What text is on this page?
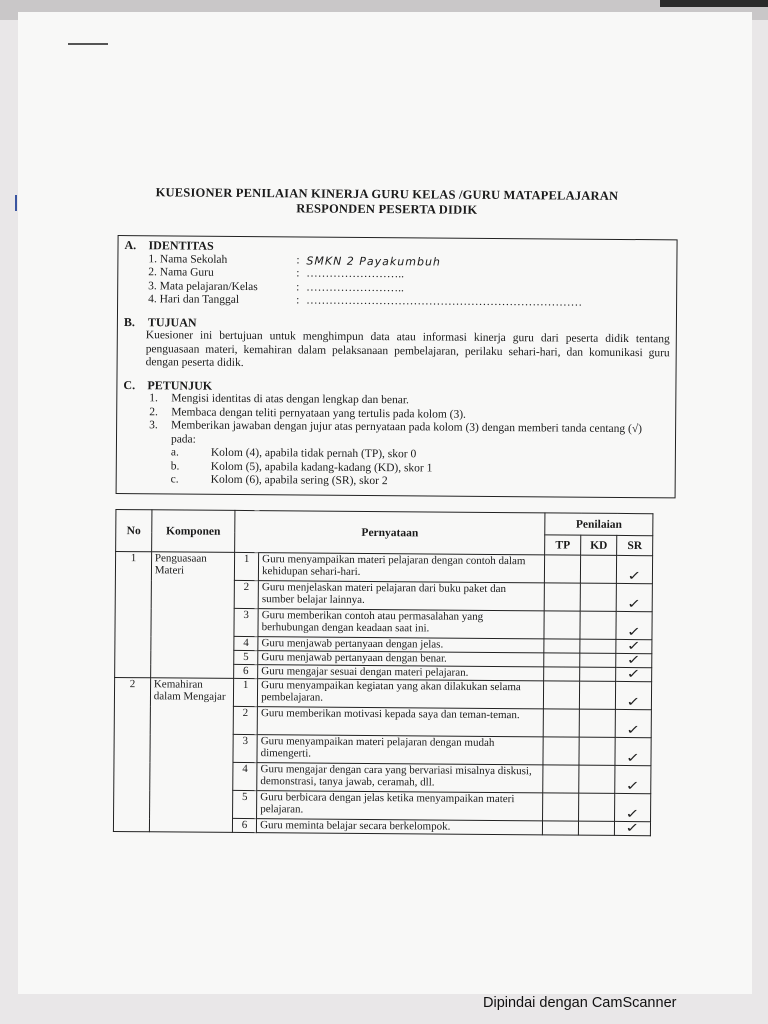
KUESIONER PENILAIAN KINERJA GURU KELAS /GURU MATAPELAJARAN
RESPONDEN PESERTA DIDIK
A. IDENTITAS
1. Nama Sekolah	: SMKN 2 Payakumbuh
2. Nama Guru	: ……………………..
3. Mata pelajaran/Kelas	: ……………………..
4. Hari dan Tanggal	: ………………………………………………………………
B. TUJUAN
Kuesioner ini bertujuan untuk menghimpun data atau informasi kinerja guru dari peserta didik tentang penguasaan materi, kemahiran dalam pelaksanaan pembelajaran, perilaku sehari-hari, dan komunikasi guru dengan peserta didik.
C. PETUNJUK
1.	Mengisi identitas di atas dengan lengkap dan benar.
2.	Membaca dengan teliti pernyataan yang tertulis pada kolom (3).
3.	Memberikan jawaban dengan jujur atas pernyataan pada kolom (3) dengan memberi tanda centang (√) pada:
a.	Kolom (4), apabila tidak pernah (TP), skor 0
b.	Kolom (5), apabila kadang-kadang (KD), skor 1
c.	Kolom (6), apabila sering (SR), skor 2
No	Komponen	Pernyataan		Penilaian		
				TP	KD	SR
1	Penguasaan Materi	1	Guru menyampaikan materi pelajaran dengan contoh dalam kehidupan sehari-hari.			✓
		2	Guru menjelaskan materi pelajaran dari buku paket dan sumber belajar lainnya.			✓
		3	Guru memberikan contoh atau permasalahan yang berhubungan dengan keadaan saat ini.			✓
		4	Guru menjawab pertanyaan dengan jelas.			✓
		5	Guru menjawab pertanyaan dengan benar.			✓
		6	Guru mengajar sesuai dengan materi pelajaran.			✓
2	Kemahiran dalam Mengajar	1	Guru menyampaikan kegiatan yang akan dilakukan selama pembelajaran.			✓
		2	Guru memberikan motivasi kepada saya dan teman-teman.			✓
		3	Guru menyampaikan materi pelajaran dengan mudah dimengerti.			✓
		4	Guru mengajar dengan cara yang bervariasi misalnya diskusi, demonstrasi, tanya jawab, ceramah, dll.			✓
		5	Guru berbicara dengan jelas ketika menyampaikan materi pelajaran.			✓
		6	Guru meminta belajar secara berkelompok.			✓
Dipindai dengan CamScanner
